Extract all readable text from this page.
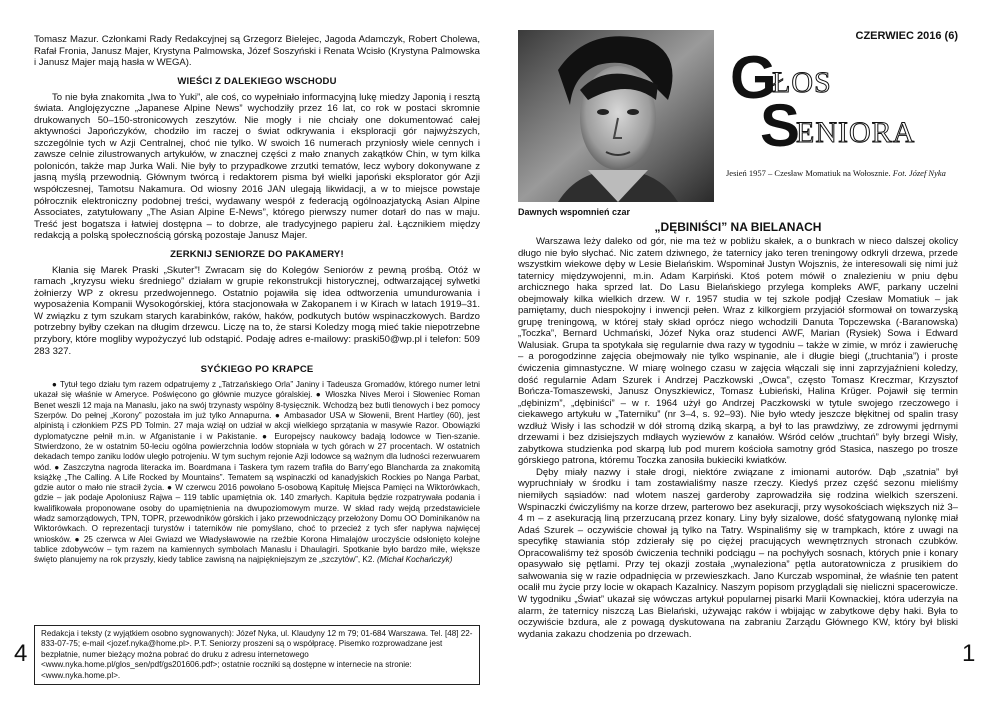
Tomasz Mazur. Członkami Rady Redakcyjnej są Grzegorz Bielejec, Jagoda Adamczyk, Robert Cholewa, Rafał Fronia, Janusz Majer, Krystyna Palmowska, Józef Soszyński i Renata Wcisło (Krystyna Palmowska i Janusz Majer mają hasła w WEGA).

WIEŚCI Z DALEKIEGO WSCHODU

To nie była znakomita „Iwa to Yuki”, ale coś, co wypełniało informacyjną lukę miedzy Japonią i resztą świata. Anglojęzyczne „Japanese Alpine News” wychodziły przez 16 lat, co rok w postaci skromnie drukowanych 50–150-stronicowych zeszytów. Nie mogły i nie chciały one dokumentować całej aktywności Japończyków, chodziło im raczej o świat odkrywania i eksploracji gór najwyższych, szczególnie tych w Azji Centralnej, choć nie tylko. W swoich 16 numerach przyniosły wiele cennych i zawsze celnie zilustrowanych artykułów, w znacznej części z mało znanych zakątków Chin, w tym kilka polonicón, także map Jurka Wali. Nie były to przypadkowe zrzutki tematów, lecz wybory dokonywane z jasną myślą przewodnią. Głównym twórcą i redaktorem pisma był wielki japoński eksplorator gór Azji współczesnej, Tamotsu Nakamura. Od wiosny 2016 JAN ulegają likwidacji, a w to miejsce powstaje półrocznik elektroniczny podobnej treści, wydawany wespół z federacją ogólnoazjatycką Asian Alpine Associates, zatytułowany „The Asian Alpine E-News”, którego pierwszy numer dotarł do nas w maju. Treść jest bogatsza i łatwiej dostępna – to dobrze, ale tradycyjnego papieru żal. Łącznikiem między redakcją a polską społecznością górską pozostaje Janusz Majer.

ZERKNIJ SENIORZE DO PAKAMERY!

Kłania się Marek Praski „Skuter”! Zwracam się do Kolegów Seniorów z pewną prośbą. Otóż w ramach „kryzysu wieku średniego” działam w grupie rekonstrukcji historycznej, odtwarzającej sylwetki żołnierzy WP z okresu przedwojennego. Ostatnio pojawiła się idea odtworzenia umundurowania i wyposażenia Kompanii Wysokogórskiej, która stacjonowała w Zakopanem i w Kirach w latach 1919–31. W związku z tym szukam starych karabinków, raków, haków, podkutych butów wspinaczkowych. Bardzo potrzebny byłby czekan na długim drzewcu. Liczę na to, że starsi Koledzy mogą mieć takie niepotrzebne przybory, które mogliby wypożyczyć lub odstąpić. Podaję adres e-mailowy: praski50@wp.pl i telefon: 509 283 327.

SYĆKIEGO PO KRAPCE

● Tytuł tego działu tym razem odpatrujemy z „Tatrzańskiego Orla” Janiny i Tadeusza Gromadów, którego numer letni ukazał się właśnie w Ameryce. Poświęcono go głównie muzyce góralskiej. ● Włoszka Nives Meroi i Słoweniec Roman Benet weszli 12 maja na Manaslu, jako na swój trzynasty wspólny 8-tysięcznik. Wchodzą bez butli tlenowych i bez pomocy Szerpów. Do pełnej „Korony” pozostała im już tylko Annapurna. ● Ambasador USA w Słowenii, Brent Hartley (60), jest alpinistą i członkiem PZS PD Tolmin. 27 maja wziął on udział w akcji wielkiego sprzątania w masywie Razor. Obowiązki dyplomatyczne pełnił m.in. w Afganistanie i w Pakistanie. ● Europejscy naukowcy badają lodowce w Tien-szanie. Stwierdzono, że w ostatnim 50-leciu ogólna powierzchnia lodów stopniała w tych górach w 27 procentach. W ostatnich dekadach tempo zaniku lodów uległo potrojeniu. W tym suchym rejonie Azji lodowce są ważnym dla ludności rezerwuarem wód. ● Zaszczytna nagroda literacka im. Boardmana i Taskera tym razem trafiła do Barry’ego Blancharda za znakomitą książkę „The Calling. A Life Rocked by Mountains”. Tematem są wspinaczki od kanadyjskich Rockies po Nanga Parbat, gdzie autor o mało nie stracił życia. ● W czerwcu 2016 powołano 5-osobową Kapitułę Miejsca Pamięci na Wiktorówkach, gdzie – jak podaje Apoloniusz Rajwa – 119 tablic upamiętnia ok. 140 zmarłych. Kapituła będzie rozpatrywała podania i kwalifikowała proponowane osoby do upamiętnienia na dwupoziomowym murze. W skład rady wejdą przedstawiciele władz samorządowych, TPN, TOPR, przewodników górskich i jako przewodniczący przełożony Domu OO Dominikanów na Wiktorówkach. O reprezentacji turystów i taterników nie pomyślano, choć to przecież z tych sfer napływa najwięcej wniosków. ● 25 czerwca w Alei Gwiazd we Władysławowie na rzeźbie Korona Himalajów uroczyście odsłonięto kolejne tablice zdobywców – tym razem na kamiennych symbolach Manaslu i Dhaulagiri. Spotkanie było bardzo miłe, większe święto planujemy na rok przyszły, kiedy tablice zawisną na najpiękniejszym ze „szczytów”, K2. (Michał Kochańczyk)

Redakcja i teksty (z wyjątkiem osobno sygnowanych): Józef Nyka, ul. Klaudyny 12 m 79; 01-684 Warszawa. Tel. [48] 22-833-07-75; e-mail <jozef.nyka@home.pl>. P.T. Seniorzy proszeni są o współpracę. Pisemko rozprowadzane jest bezpłatnie, numer bieżący można pobrać do druku z adresu internetowego <www.nyka.home.pl/glos_sen/pdf/gs201606.pdf>; ostatnie roczniki są dostępne w internecie na stronie: <www.nyka.home.pl>.
4
CZERWIEC 2016 (6)
G
ŁOS
S
ENIORA
Jesień 1957 – Czesław Momatiuk na Wołosznie. Fot. Józef Nyka
Dawnych wspomnień czar
„DĘBINIŚCI” NA BIELANACH

Warszawa leży daleko od gór, nie ma też w pobliżu skałek, a o bunkrach w nieco dalszej okolicy długo nie było słychać. Nic zatem dziwnego, że taternicy jako teren treningowy odkryli drzewa, przede wszystkim wiekowe dęby w Lesie Bielańskim. Wspominał Justyn Wojsznis, że interesowali się nimi już taternicy międzywojenni, m.in. Adam Karpiński. Ktoś potem mówił o znalezieniu w pniu dębu archicznego haka sprzed lat. Do Lasu Bielańskiego przylega kompleks AWF, parkany uczelni obejmowały kilka wielkich drzew. W r. 1957 studia w tej szkole podjął Czesław Momatiuk – jak pamiętamy, duch niespokojny i inwencji pełen. Wraz z kilkorgiem przyjaciół sformował on towarzyską grupę treningową, w której stały skład oprócz niego wchodzili Danuta Topczewska (-Baranowska) „Toczka”, Bernard Uchmański, Józef Nyka oraz studenci AWF, Marian (Rysiek) Sowa i Edward Walusiak. Grupa ta spotykała się regularnie dwa razy w tygodniu – także w zimie, w mróz i zawieruchę – a porogodzinne zajęcia obejmowały nie tylko wspinanie, ale i długie biegi („truchtania”) i proste ćwiczenia gimnastyczne. W miarę wolnego czasu w zajęcia włączali się inni zaprzyjaźnieni koledzy, dość regularnie Adam Szurek i Andrzej Paczkowski „Owca”, często Tomasz Kreczmar, Krzysztof Bończa-Tomaszewski, Janusz Onyszkiewicz, Tomasz Łubieński, Halina Krüger. Pojawił się termin „dębinizm”, „dębiniści” – w r. 1964 użył go Andrzej Paczkowski w tytule swojego rzeczowego i ciekawego artykułu w „Taterniku” (nr 3–4, s. 92–93). Nie było wtedy jeszcze błękitnej od spalin trasy wzdłuż Wisły i las schodził w dół stromą dziką skarpą, a był to las prawdziwy, ze zdrowymi jędrnymi drzewami i bez dzisiejszych mdłaych wyziewów z kanałów. Wśród celów „truchtań” były brzegi Wisły, zabytkowa studzienka pod skarpą lub pod murem kościoła samotny gród Stasica, naszego po trosze górskiego patrona, któremu Toczka zanosiła bukieciki kwiatków.

Dęby miały nazwy i stałe drogi, niektóre związane z imionami autorów. Dąb „szatnia” był wypruchniały w środku i tam zostawialiśmy nasze rzeczy. Kiedyś przez część sezonu mieliśmy niemiłych sąsiadów: nad wlotem naszej garderoby zaprowadziła się rodzina wielkich szerszeni. Wspinaczki ćwiczyliśmy na korze drzew, parterowo bez asekuracji, przy wysokościach większych niż 3–4 m – z asekuracją liną przerzucaną przez konary. Liny były sizalowe, dość sfatygowaną nylonkę miał Adaś Szurek – oczywiście chował ją tylko na Tatry. Wspinaliśmy się w trampkach, które z uwagi na specyfikę stawiania stóp zdzierały się po ciężej pracujących wewnętrznych stronach czubków. Opracowaliśmy też sposób ćwiczenia techniki podciągu – na pochyłych sosnach, których pnie i konary opasywało się pętlami. Przy tej okazji została „wynaleziona” pętla autoratownicza z prusikiem do salwowania się w razie odpadnięcia w przewieszkach. Jano Kurczab wspominał, że właśnie ten patent ocalił mu życie przy locie w okapach Kazalnicy. Naszym popisom przyglądali się nieliczni spacerowicze. W tygodniku „Świat” ukazał się wówczas artykuł popularnej pisarki Marii Kownackiej, która uderzyła na alarm, że taternicy niszczą Las Bielański, używając raków i wbijając w zabytkowe dęby haki. Była to oczywiście bzdura, ale z powagą dyskutowana na zabraniu Zarządu Głównego KW, który był bliski wydania zakazu chodzenia po drzewach.

1
